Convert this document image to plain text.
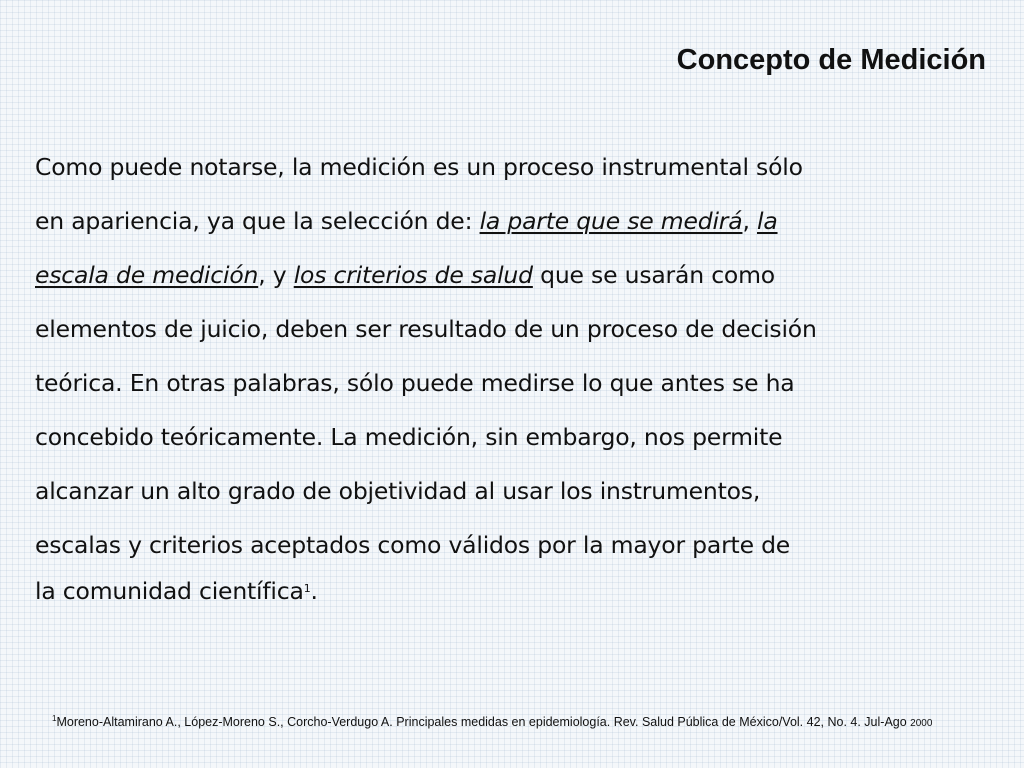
Concepto de Medición
Como puede notarse, la medición es un proceso instrumental sólo
en apariencia, ya que la selección de: la parte que se medirá, la
escala de medición, y los criterios de salud que se usarán como
elementos de juicio, deben ser resultado de un proceso de decisión
teórica. En otras palabras, sólo puede medirse lo que antes se ha
concebido teóricamente. La medición, sin embargo, nos permite
alcanzar un alto grado de objetividad al usar los instrumentos,
escalas y criterios aceptados como válidos por la mayor parte de
la comunidad científica$^1$.
$^1$Moreno-Altamirano A., López-Moreno S., Corcho-Verdugo A. Principales medidas en epidemiología. Rev. Salud Pública de México/Vol. 42, No. 4. Jul-Ago 2000
